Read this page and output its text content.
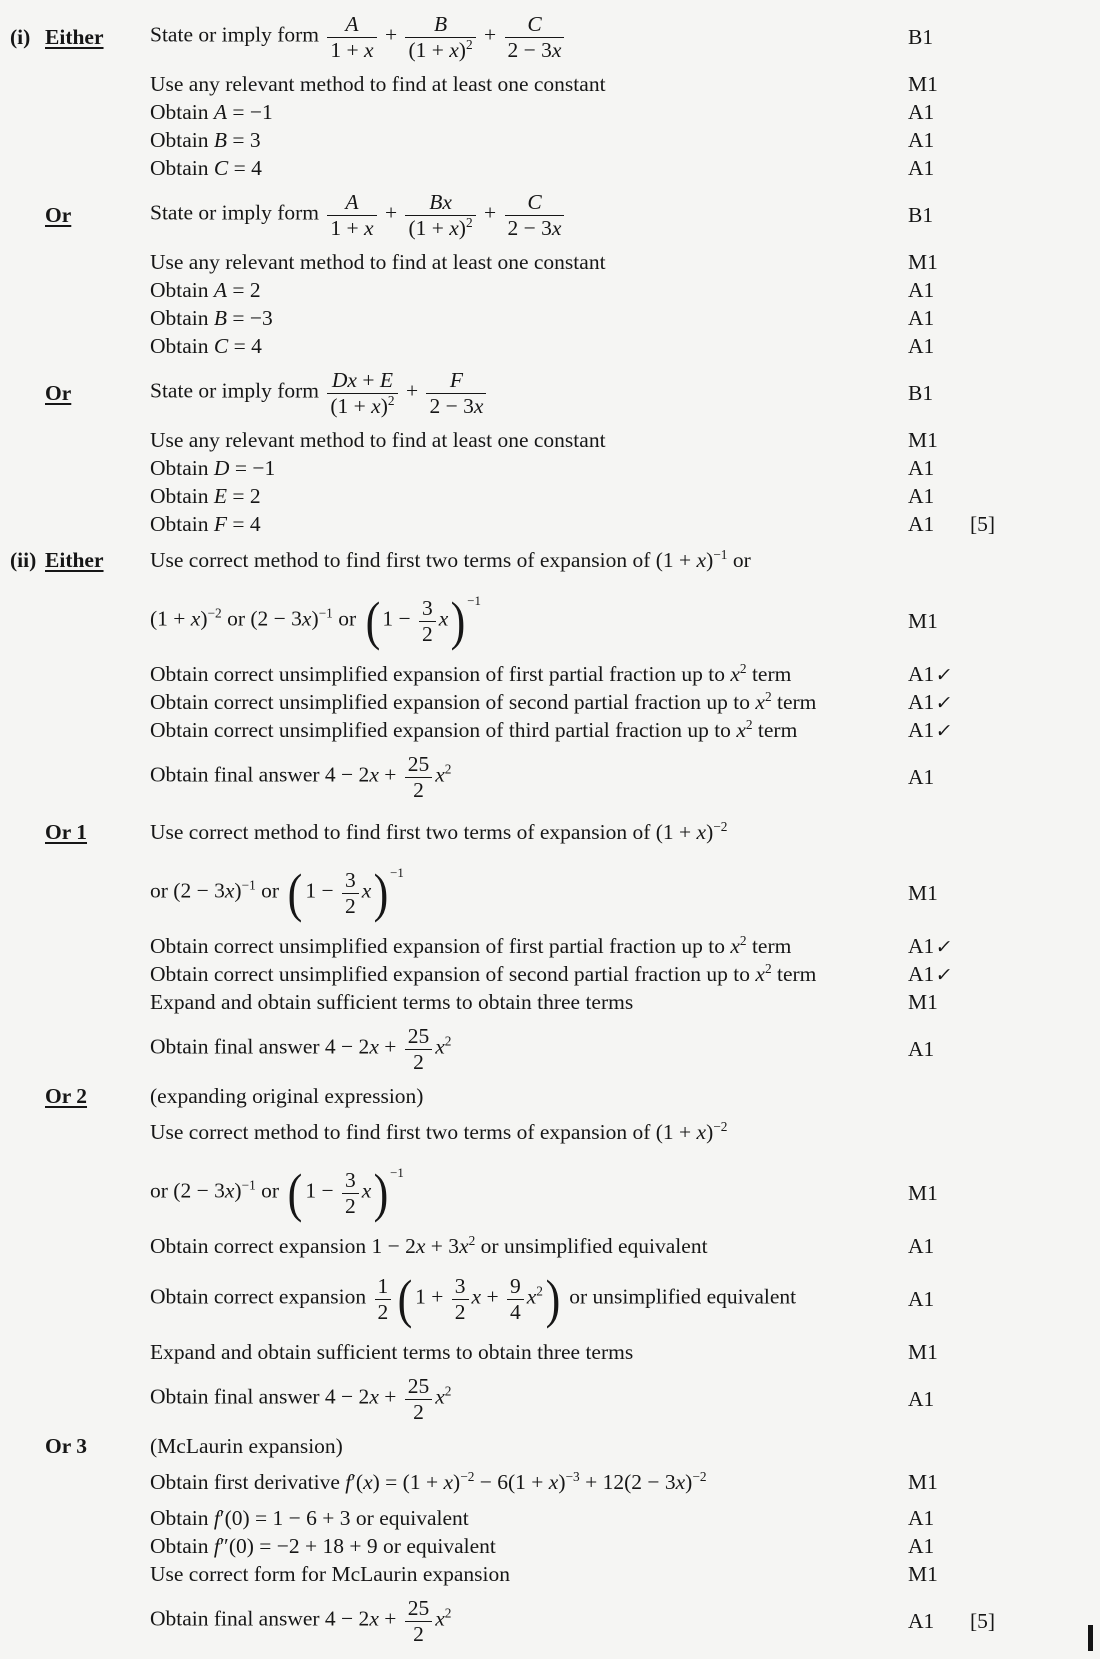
(i) Either	State or imply form $\frac{A}{1 + x} + \frac{B}{(1 + x)^2} + \frac{C}{2 - 3x}$	B1
Use any relevant method to find at least one constant	M1
Obtain A = −1	A1
Obtain B = 3	A1
Obtain C = 4	A1
Or	State or imply form $\frac{A}{1 + x} + \frac{Bx}{(1 + x)^2} + \frac{C}{2 - 3x}$	B1
Use any relevant method to find at least one constant	M1
Obtain A = 2	A1
Obtain B = −3	A1
Obtain C = 4	A1
Or	State or imply form $\frac{Dx + E}{(1 + x)^2} + \frac{F}{2 - 3x}$	B1
Use any relevant method to find at least one constant	M1
Obtain D = −1	A1
Obtain E = 2	A1
Obtain F = 4	A1	[5]
(ii) Either	Use correct method to find first two terms of expansion of $(1 + x)^{-1}$ or
$(1 + x)^{-2}$ or $(2 - 3x)^{-1}$ or ( $1 - \frac{3}{2}$ x ) −1
M1
Obtain correct unsimplified expansion of first partial fraction up to $x^2$ term	A1✓
Obtain correct unsimplified expansion of second partial fraction up to $x^2$ term	A1✓
Obtain correct unsimplified expansion of third partial fraction up to $x^2$ term	A1✓
Obtain final answer $4 - 2x + \frac{25}{2} x^2$	A1
Or 1	Use correct method to find first two terms of expansion of $(1 + x)^{-2}$
or $(2 - 3x)^{-1}$ or ( $1 - \frac{3}{2}$ x ) −1
M1
Obtain correct unsimplified expansion of first partial fraction up to $x^2$ term	A1✓
Obtain correct unsimplified expansion of second partial fraction up to $x^2$ term	A1✓
Expand and obtain sufficient terms to obtain three terms	M1
Obtain final answer $4 - 2x + \frac{25}{2} x^2$	A1
Or 2	(expanding original expression)
Use correct method to find first two terms of expansion of $(1 + x)^{-2}$
or $(2 - 3x)^{-1}$ or ( $1 - \frac{3}{2}$ x ) −1
M1
Obtain correct expansion $1 - 2x + 3x^2$ or unsimplified equivalent	A1
Obtain correct expansion $\frac{1}{2}$ ( $1 + \frac{3}{2}$ $x + \frac{9}{4} x^2$ ) or unsimplified equivalent	A1
Expand and obtain sufficient terms to obtain three terms	M1
Obtain final answer $4 - 2x + \frac{25}{2} x^2$	A1
Or 3	(McLaurin expansion)
Obtain first derivative $f'(x) = (1 + x)^{-2} - 6(1 + x)^{-3} + 12(2 - 3x)^{-2}$	M1
Obtain f′(0) = 1 − 6 + 3 or equivalent	A1
Obtain f″(0) = −2 + 18 + 9 or equivalent	A1
Use correct form for McLaurin expansion	M1
Obtain final answer $4 - 2x + \frac{25}{2} x^2$	A1	[5]
